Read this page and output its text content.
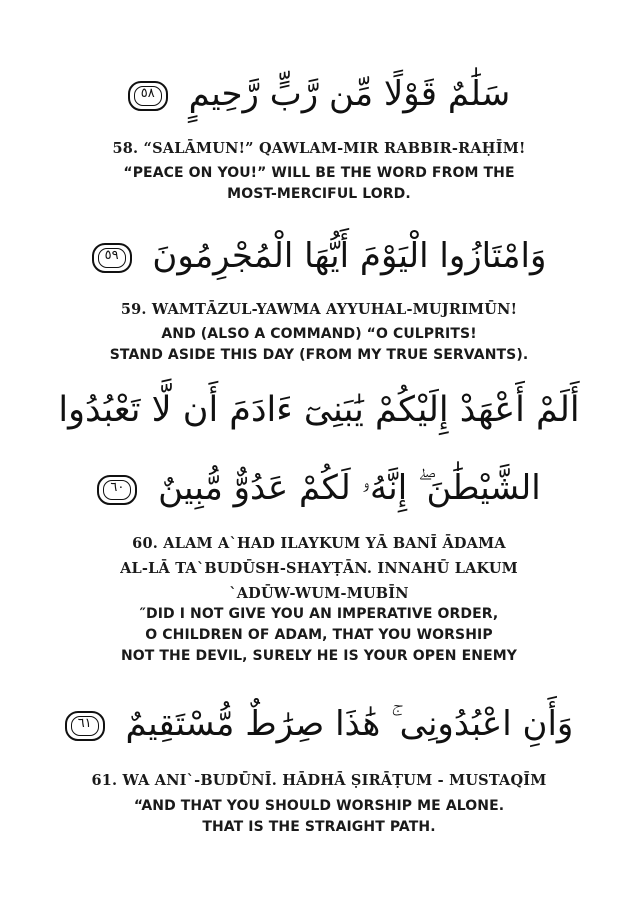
سَلَٰمٌ قَوْلًا مِّن رَّبٍّ رَّحِيمٍ ٥٨
58. “SALĀMUN!” QAWLAM-MIR RABBIR-RAḤĪM!
“PEACE ON YOU!” WILL BE THE WORD FROM THE
MOST-MERCIFUL LORD.
وَامْتَازُوا الْيَوْمَ أَيُّهَا الْمُجْرِمُونَ ٥٩
59. WAMTĀZUL-YAWMA AYYUHAL-MUJRIMŪN!
AND (ALSO A COMMAND) “O CULPRITS!
STAND ASIDE THIS DAY (FROM MY TRUE SERVANTS).
أَلَمْ أَعْهَدْ إِلَيْكُمْ يَٰبَنِىٓ ءَادَمَ أَن لَّا تَعْبُدُوا
الشَّيْطَٰنَ ۖ إِنَّهُۥ لَكُمْ عَدُوٌّ مُّبِينٌ ٦٠
60. ALAM A`HAD ILAYKUM YĀ BANĪ ĀDAMA
AL-LĀ TA`BUDŪSH-SHAYṬĀN. INNAHŪ LAKUM
`ADŪW-WUM-MUBĪN
″DID I NOT GIVE YOU AN IMPERATIVE ORDER,
O CHILDREN OF ADAM, THAT YOU WORSHIP
NOT THE DEVIL, SURELY HE IS YOUR OPEN ENEMY
وَأَنِ اعْبُدُونِى ۚ هَٰذَا صِرَٰطٌ مُّسْتَقِيمٌ ٦١
61. WA ANI`-BUDŪNĪ. HĀDHĀ ṢIRĀṬUM - MUSTAQĪM
“AND THAT YOU SHOULD WORSHIP ME ALONE.
THAT IS THE STRAIGHT PATH.
